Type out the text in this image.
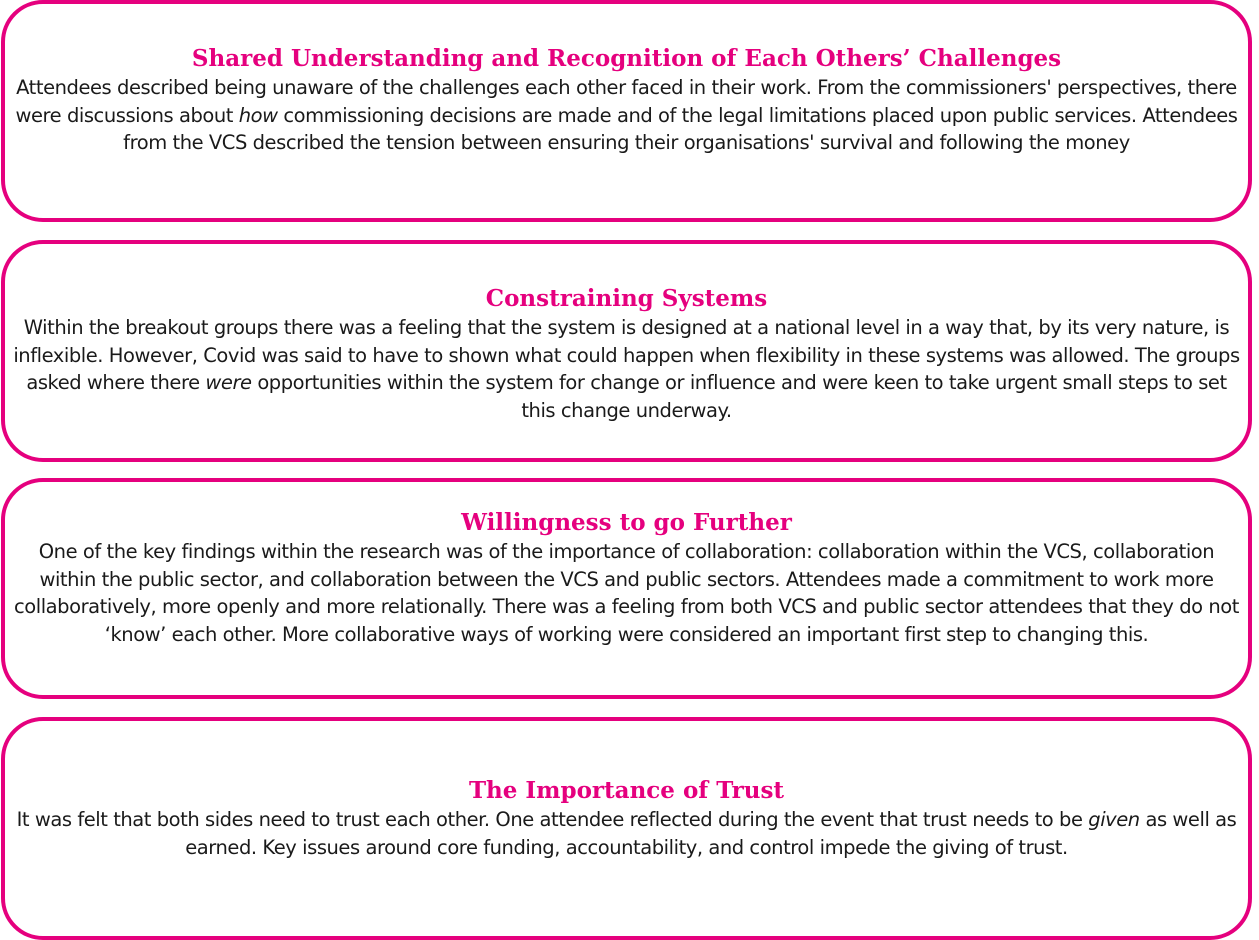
Shared Understanding and Recognition of Each Others’ Challenges

Attendees described being unaware of the challenges each other faced in their work. From the commissioners' perspectives, there were discussions about how commissioning decisions are made and of the legal limitations placed upon public services. Attendees from the VCS described the tension between ensuring their organisations' survival and following the money

Constraining Systems

Within the breakout groups there was a feeling that the system is designed at a national level in a way that, by its very nature, is inflexible. However, Covid was said to have to shown what could happen when flexibility in these systems was allowed. The groups asked where there were opportunities within the system for change or influence and were keen to take urgent small steps to set this change underway.

Willingness to go Further

One of the key findings within the research was of the importance of collaboration: collaboration within the VCS, collaboration within the public sector, and collaboration between the VCS and public sectors. Attendees made a commitment to work more collaboratively, more openly and more relationally. There was a feeling from both VCS and public sector attendees that they do not ‘know’ each other. More collaborative ways of working were considered an important first step to changing this.

The Importance of Trust

It was felt that both sides need to trust each other. One attendee reflected during the event that trust needs to be given as well as earned. Key issues around core funding, accountability, and control impede the giving of trust.
